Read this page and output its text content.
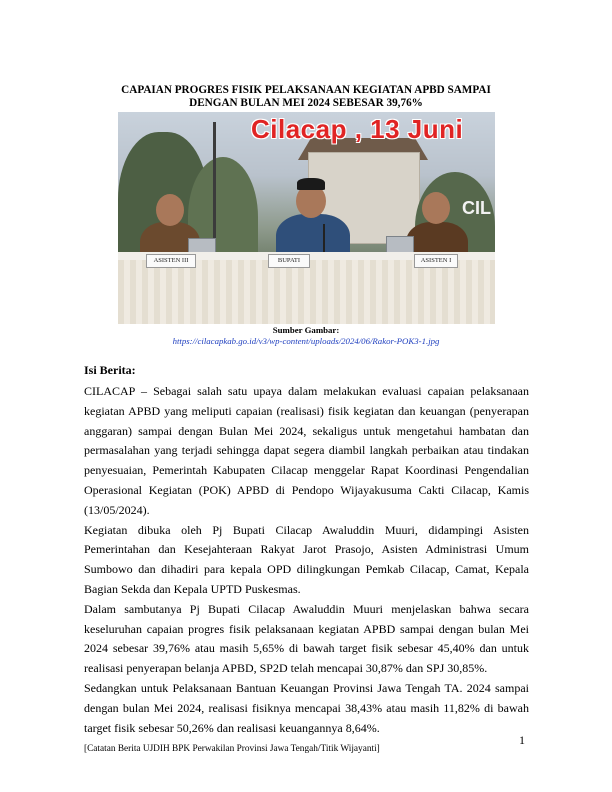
CAPAIAN PROGRES FISIK PELAKSANAAN KEGIATAN APBD SAMPAI
DENGAN BULAN MEI 2024 SEBESAR 39,76%
Cilacap , 13 Juni
CIL
ASISTEN III	BUPATI	ASISTEN I
Sumber Gambar:
https://cilacapkab.go.id/v3/wp-content/uploads/2024/06/Rakor-POK3-1.jpg
Isi Berita:

CILACAP – Sebagai salah satu upaya dalam melakukan evaluasi capaian pelaksanaan kegiatan APBD yang meliputi capaian (realisasi) fisik kegiatan dan keuangan (penyerapan anggaran) sampai dengan Bulan Mei 2024, sekaligus untuk mengetahui hambatan dan permasalahan yang terjadi sehingga dapat segera diambil langkah perbaikan atau tindakan penyesuaian, Pemerintah Kabupaten Cilacap menggelar Rapat Koordinasi Pengendalian Operasional Kegiatan (POK) APBD di Pendopo Wijayakusuma Cakti Cilacap, Kamis (13/05/2024).

Kegiatan dibuka oleh Pj Bupati Cilacap Awaluddin Muuri, didampingi Asisten Pemerintahan dan Kesejahteraan Rakyat Jarot Prasojo, Asisten Administrasi Umum Sumbowo dan dihadiri para kepala OPD dilingkungan Pemkab Cilacap, Camat, Kepala Bagian Sekda dan Kepala UPTD Puskesmas.

Dalam sambutanya Pj Bupati Cilacap Awaluddin Muuri menjelaskan bahwa secara keseluruhan capaian progres fisik pelaksanaan kegiatan APBD sampai dengan bulan Mei 2024 sebesar 39,76% atau masih 5,65% di bawah target fisik sebesar 45,40% dan untuk realisasi penyerapan belanja APBD, SP2D telah mencapai 30,87% dan SPJ 30,85%.

Sedangkan untuk Pelaksanaan Bantuan Keuangan Provinsi Jawa Tengah TA. 2024 sampai dengan bulan Mei 2024, realisasi fisiknya mencapai 38,43% atau masih 11,82% di bawah target fisik sebesar 50,26% dan realisasi keuangannya 8,64%.

1
[Catatan Berita UJDIH BPK Perwakilan Provinsi Jawa Tengah/Titik Wijayanti]
